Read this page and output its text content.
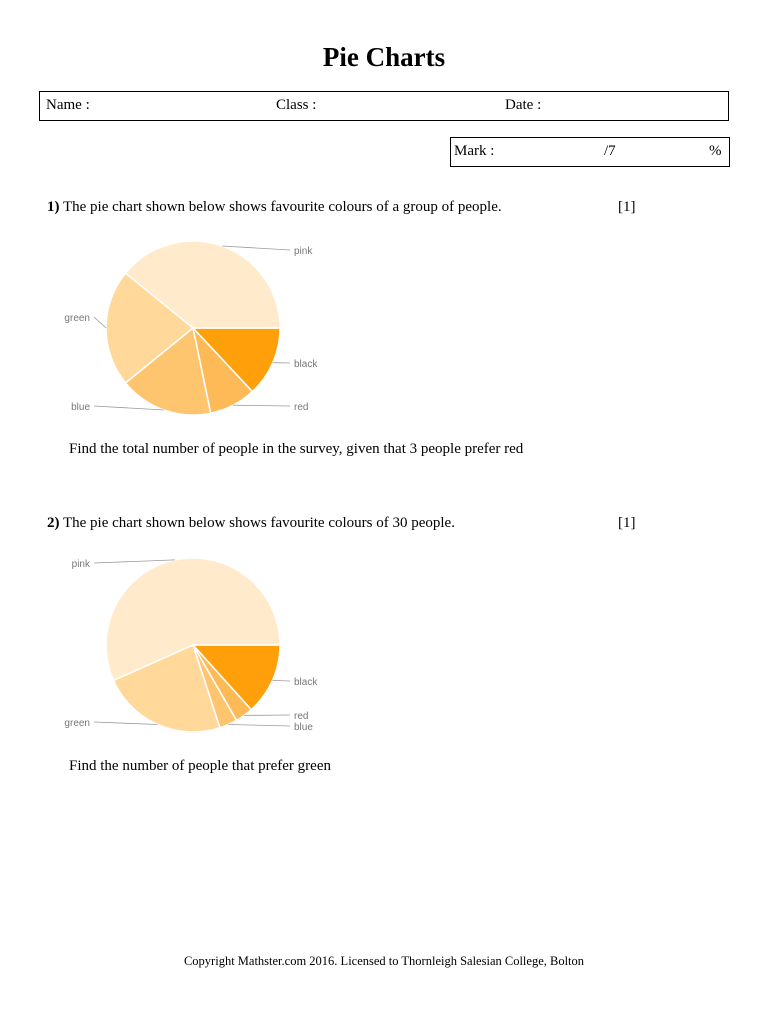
Pie Charts
Name :	Class :	Date :
Mark :	/7	%
1) The pie chart shown below shows favourite colours of a group of people.	[1]
black
red
blue
green
pink
Find the total number of people in the survey, given that 3 people prefer red
2) The pie chart shown below shows favourite colours of 30 people.	[1]
black
red
blue
green
pink
Find the number of people that prefer green
Copyright Mathster.com 2016. Licensed to Thornleigh Salesian College, Bolton
